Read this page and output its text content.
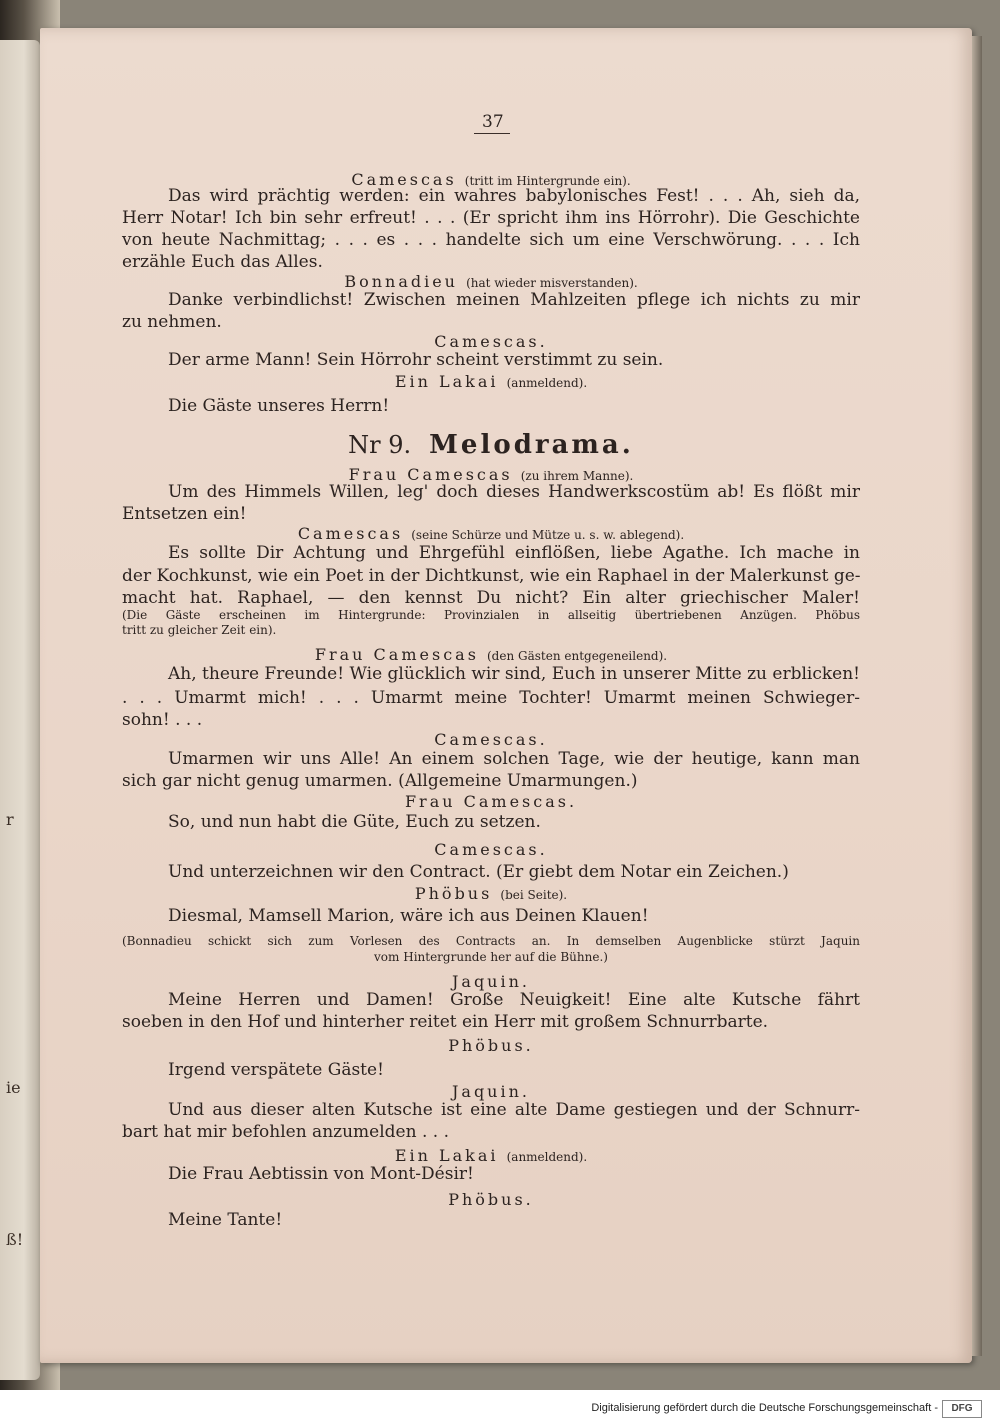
r
ie
ß!
37
Camescas (tritt im Hintergrunde ein).
Das wird prächtig werden: ein wahres babylonisches Fest! . . . Ah, sieh da,
Herr Notar! Ich bin sehr erfreut! . . . (Er spricht ihm ins Hörrohr). Die Geschichte
von heute Nachmittag; . . . es . . . handelte sich um eine Verschwörung. . . . Ich
erzähle Euch das Alles.
Bonnadieu (hat wieder misverstanden).
Danke verbindlichst! Zwischen meinen Mahlzeiten pflege ich nichts zu mir
zu nehmen.
Camescas.
Der arme Mann! Sein Hörrohr scheint verstimmt zu sein.
Ein Lakai (anmeldend).
Die Gäste unseres Herrn!
Nr 9. Melodrama.
Frau Camescas (zu ihrem Manne).
Um des Himmels Willen, leg' doch dieses Handwerkscostüm ab! Es flößt mir
Entsetzen ein!
Camescas (seine Schürze und Mütze u. s. w. ablegend).
Es sollte Dir Achtung und Ehrgefühl einflößen, liebe Agathe. Ich mache in
der Kochkunst, wie ein Poet in der Dichtkunst, wie ein Raphael in der Malerkunst ge-
macht hat. Raphael, — den kennst Du nicht? Ein alter griechischer Maler!
(Die Gäste erscheinen im Hintergrunde: Provinzialen in allseitig übertriebenen Anzügen. Phöbus
tritt zu gleicher Zeit ein).
Frau Camescas (den Gästen entgegeneilend).
Ah, theure Freunde! Wie glücklich wir sind, Euch in unserer Mitte zu erblicken!
. . . Umarmt mich! . . . Umarmt meine Tochter! Umarmt meinen Schwieger-
sohn! . . .
Camescas.
Umarmen wir uns Alle! An einem solchen Tage, wie der heutige, kann man
sich gar nicht genug umarmen. (Allgemeine Umarmungen.)
Frau Camescas.
So, und nun habt die Güte, Euch zu setzen.
Camescas.
Und unterzeichnen wir den Contract. (Er giebt dem Notar ein Zeichen.)
Phöbus (bei Seite).
Diesmal, Mamsell Marion, wäre ich aus Deinen Klauen!
(Bonnadieu schickt sich zum Vorlesen des Contracts an. In demselben Augenblicke stürzt Jaquin
vom Hintergrunde her auf die Bühne.)
Jaquin.
Meine Herren und Damen! Große Neuigkeit! Eine alte Kutsche fährt
soeben in den Hof und hinterher reitet ein Herr mit großem Schnurrbarte.
Phöbus.
Irgend verspätete Gäste!
Jaquin.
Und aus dieser alten Kutsche ist eine alte Dame gestiegen und der Schnurr-
bart hat mir befohlen anzumelden . . .
Ein Lakai (anmeldend).
Die Frau Aebtissin von Mont-Désir!
Phöbus.
Meine Tante!
Digitalisierung gefördert durch die Deutsche Forschungsgemeinschaft -	DFG
